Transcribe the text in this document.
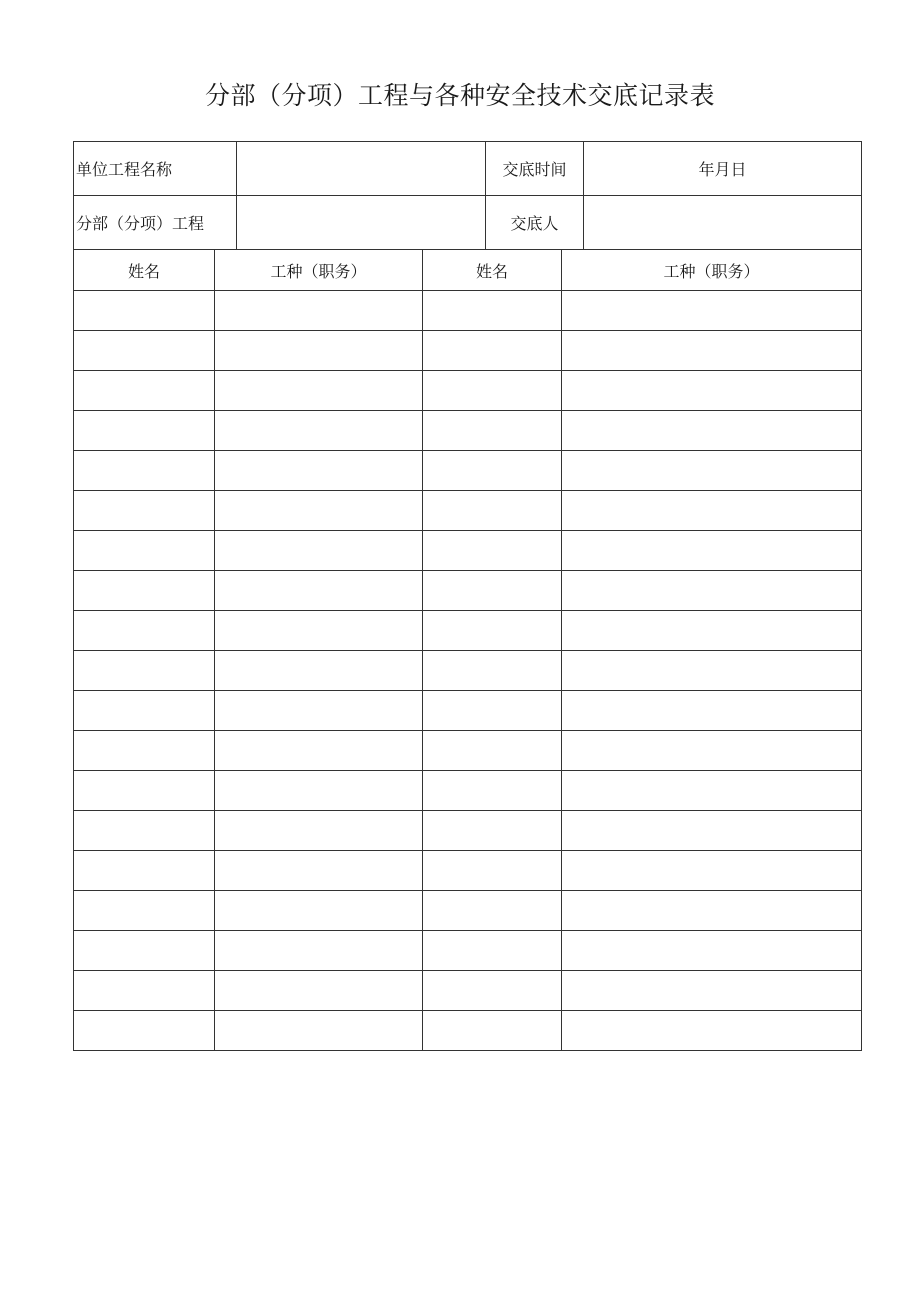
分部（分项）工程与各种安全技术交底记录表
单位工程名称		交底时间	年月日
分部（分项）工程		交底人	
姓名	工种（职务）	姓名	工种（职务）
